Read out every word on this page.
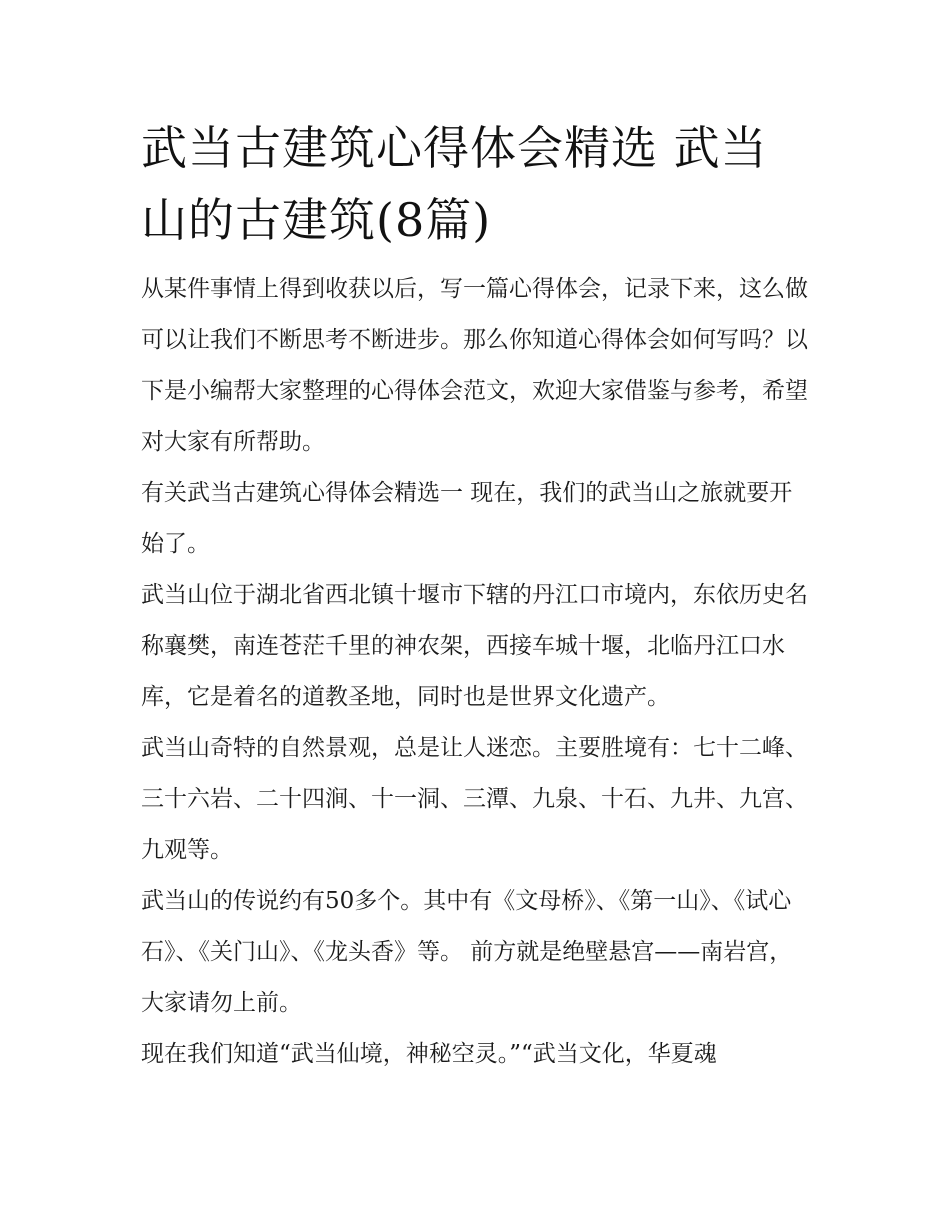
武当古建筑心得体会精选 武当山的古建筑(8篇)

从某件事情上得到收获以后，写一篇心得体会，记录下来，这么做可以让我们不断思考不断进步。那么你知道心得体会如何写吗？以下是小编帮大家整理的心得体会范文，欢迎大家借鉴与参考，希望对大家有所帮助。

有关武当古建筑心得体会精选一 现在，我们的武当山之旅就要开始了。

武当山位于湖北省西北镇十堰市下辖的丹江口市境内，东依历史名称襄樊，南连苍茫千里的神农架，西接车城十堰，北临丹江口水库，它是着名的道教圣地，同时也是世界文化遗产。

武当山奇特的自然景观，总是让人迷恋。主要胜境有：七十二峰、三十六岩、二十四涧、十一洞、三潭、九泉、十石、九井、九宫、九观等。

武当山的传说约有50多个。其中有《文母桥》、《第一山》、《试心石》、《关门山》、《龙头香》等。 前方就是绝壁悬宫——南岩宫，大家请勿上前。

现在我们知道“武当仙境，神秘空灵。”“武当文化，华夏魂
